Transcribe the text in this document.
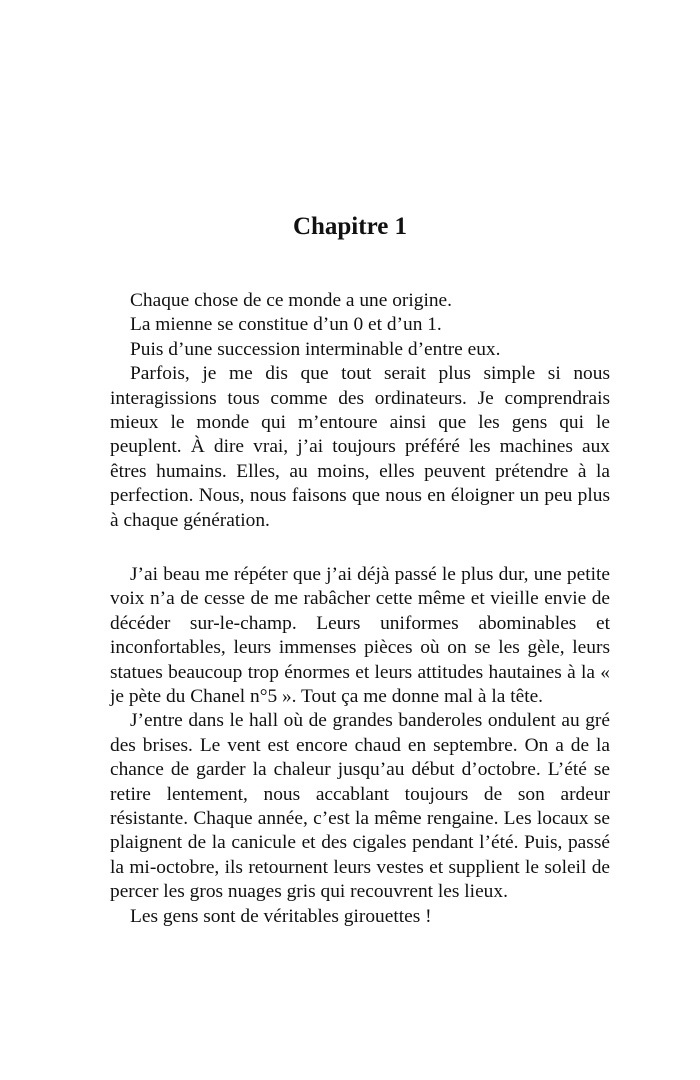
Chapitre 1

Chaque chose de ce monde a une origine.

La mienne se constitue d’un 0 et d’un 1.

Puis d’une succession interminable d’entre eux.

Parfois, je me dis que tout serait plus simple si nous interagissions tous comme des ordinateurs. Je comprendrais mieux le monde qui m’entoure ainsi que les gens qui le peuplent. À dire vrai, j’ai toujours préféré les machines aux êtres humains. Elles, au moins, elles peuvent prétendre à la perfection. Nous, nous faisons que nous en éloigner un peu plus à chaque génération.

J’ai beau me répéter que j’ai déjà passé le plus dur, une petite voix n’a de cesse de me rabâcher cette même et vieille envie de décéder sur-le-champ. Leurs uniformes abominables et inconfortables, leurs immenses pièces où on se les gèle, leurs statues beaucoup trop énormes et leurs attitudes hautaines à la « je pète du Chanel n°5 ». Tout ça me donne mal à la tête.

J’entre dans le hall où de grandes banderoles ondulent au gré des brises. Le vent est encore chaud en septembre. On a de la chance de garder la chaleur jusqu’au début d’octobre. L’été se retire lentement, nous accablant toujours de son ardeur résistante. Chaque année, c’est la même rengaine. Les locaux se plaignent de la canicule et des cigales pendant l’été. Puis, passé la mi-octobre, ils retournent leurs vestes et supplient le soleil de percer les gros nuages gris qui recouvrent les lieux.

Les gens sont de véritables girouettes !
